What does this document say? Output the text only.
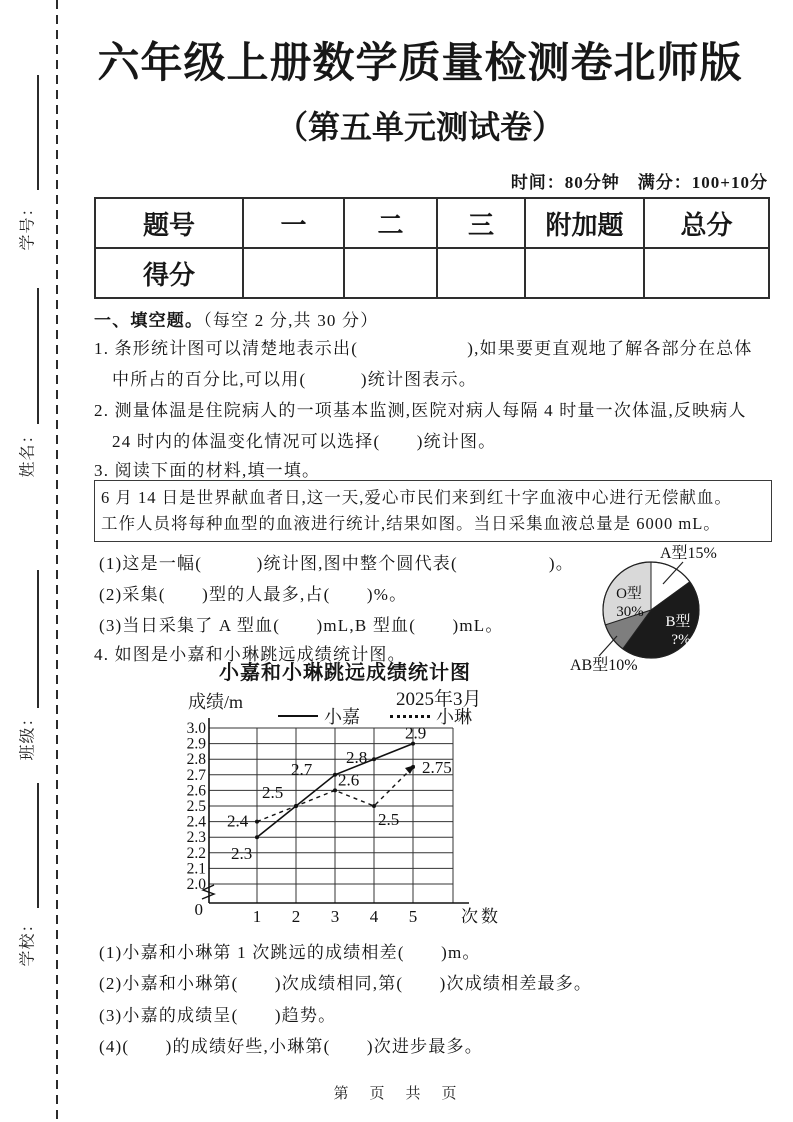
学号：
姓名：
班级：
学校：
六年级上册数学质量检测卷北师版
（第五单元测试卷）
时间：80分钟　满分：100+10分
题号	一	二	三	附加题	总分
得分					
一、填空题。（每空 2 分,共 30 分）
1. 条形统计图可以清楚地表示出(　　　　　　),如果要更直观地了解各部分在总体
中所占的百分比,可以用(　　　)统计图表示。
2. 测量体温是住院病人的一项基本监测,医院对病人每隔 4 时量一次体温,反映病人
24 时内的体温变化情况可以选择(　　)统计图。
3. 阅读下面的材料,填一填。
6 月 14 日是世界献血者日,这一天,爱心市民们来到红十字血液中心进行无偿献血。
工作人员将每种血型的血液进行统计,结果如图。当日采集血液总量是 6000 mL。
(1)这是一幅(　　　)统计图,图中整个圆代表(　　　　　)。
(2)采集(　　)型的人最多,占(　　)%。
(3)当日采集了 A 型血(　　)mL,B 型血(　　)mL。
4. 如图是小嘉和小琳跳远成绩统计图。
A型15%
B型
?%
AB型10%
O型
30%
小嘉和小琳跳远成绩统计图
成绩/m	2025年3月
小嘉	小琳
2.0
2.1
2.2
2.3
2.4
2.5
2.6
2.7
2.8
2.9
3.0
0	1 2 3 4 5	次数
2.3
2.5
2.7
2.8
2.9
2.4
2.6
2.5
2.75
(1)小嘉和小琳第 1 次跳远的成绩相差(　　)m。
(2)小嘉和小琳第(　　)次成绩相同,第(　　)次成绩相差最多。
(3)小嘉的成绩呈(　　)趋势。
(4)(　　)的成绩好些,小琳第(　　)次进步最多。
第　页　共　页
